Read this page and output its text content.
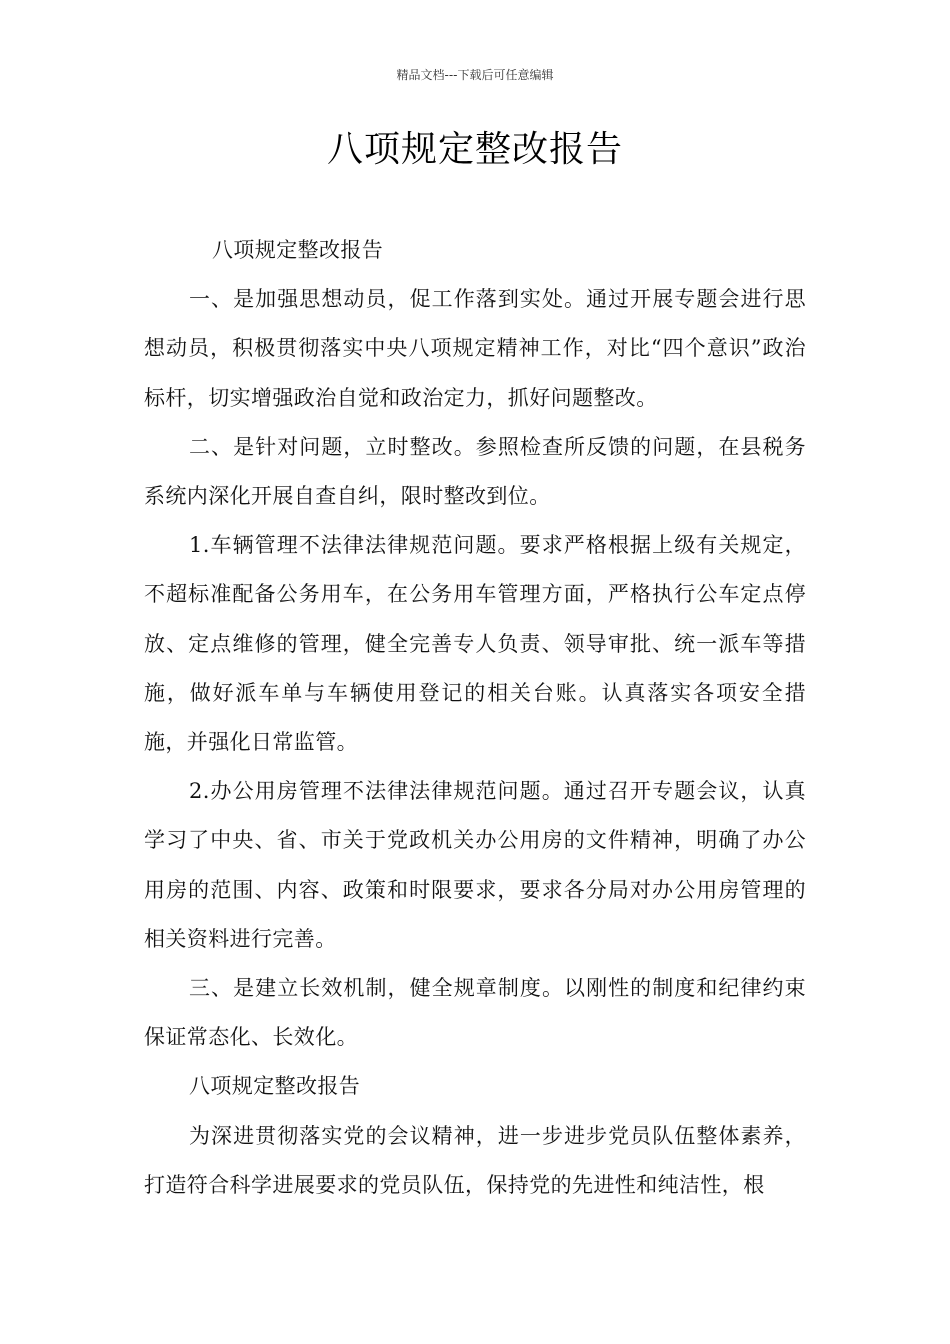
精品文档---下载后可任意编辑
八项规定整改报告

八项规定整改报告

一、是加强思想动员，促工作落到实处。通过开展专题会进行思想动员，积极贯彻落实中央八项规定精神工作，对比“四个意识”政治标杆，切实增强政治自觉和政治定力，抓好问题整改。

二、是针对问题，立时整改。参照检查所反馈的问题，在县税务系统内深化开展自查自纠，限时整改到位。

1.车辆管理不法律法律规范问题。要求严格根据上级有关规定，不超标准配备公务用车，在公务用车管理方面，严格执行公车定点停放、定点维修的管理，健全完善专人负责、领导审批、统一派车等措施，做好派车单与车辆使用登记的相关台账。认真落实各项安全措施，并强化日常监管。

2.办公用房管理不法律法律规范问题。通过召开专题会议，认真学习了中央、省、市关于党政机关办公用房的文件精神，明确了办公用房的范围、内容、政策和时限要求，要求各分局对办公用房管理的相关资料进行完善。

三、是建立长效机制，健全规章制度。以刚性的制度和纪律约束保证常态化、长效化。

八项规定整改报告

为深进贯彻落实党的会议精神，进一步进步党员队伍整体素养，打造符合科学进展要求的党员队伍，保持党的先进性和纯洁性，根
